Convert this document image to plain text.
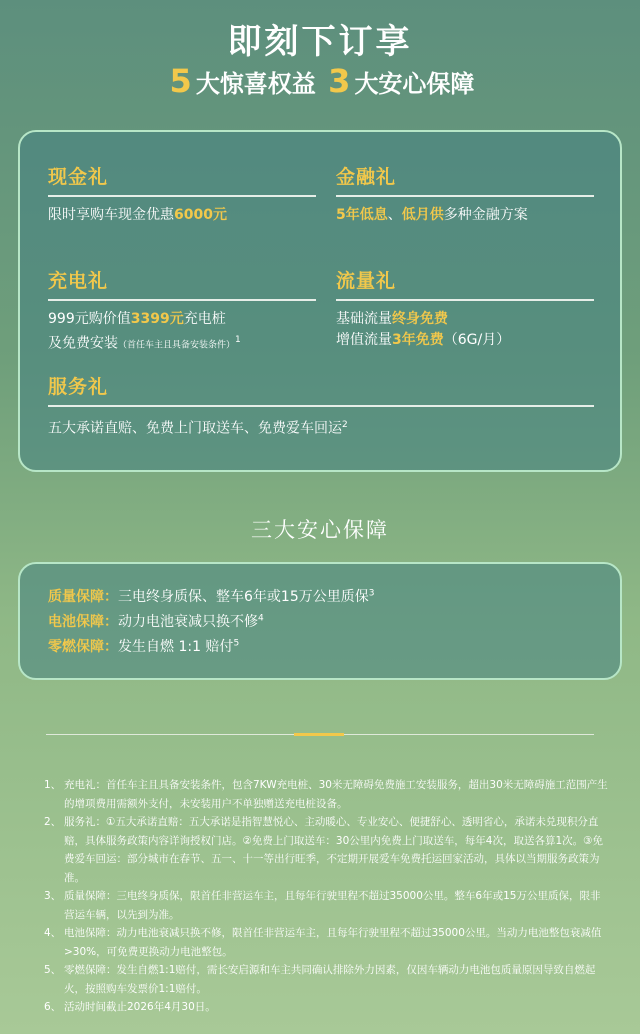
即刻下订享
5 大惊喜权益 3 大安心保障
现金礼
限时享购车现金优惠6000元
金融礼
5年低息、低月供多种金融方案
充电礼
999元购价值3399元充电桩
及免费安装（首任车主且具备安装条件）$^1$
流量礼
基础流量终身免费
增值流量3年免费（6G/月）
服务礼
五大承诺直赔、免费上门取送车、免费爱车回运$^2$
三大安心保障
质量保障：三电终身质保、整车6年或15万公里质保$^3$
电池保障：动力电池衰减只换不修$^4$
零燃保障：发生自燃 1:1 赔付$^5$
1、 充电礼：首任车主且具备安装条件，包含7KW充电桩、30米无障碍免费施工安装服务，超出30米无障碍施工范围产生的增项费用需额外支付，未安装用户不单独赠送充电桩设备。
2、 服务礼：①五大承诺直赔：五大承诺是指智慧悦心、主动暖心、专业安心、便捷舒心、透明省心，承诺未兑现积分直赔，具体服务政策内容详询授权门店。②免费上门取送车：30公里内免费上门取送车，每年4次，取送各算1次。③免费爱车回运：部分城市在春节、五一、十一等出行旺季，不定期开展爱车免费托运回家活动，具体以当期服务政策为准。
3、 质量保障：三电终身质保，限首任非营运车主，且每年行驶里程不超过35000公里。整车6年或15万公里质保，限非营运车辆，以先到为准。
4、 电池保障：动力电池衰减只换不修，限首任非营运车主，且每年行驶里程不超过35000公里。当动力电池整包衰减值>30%，可免费更换动力电池整包。
5、 零燃保障：发生自燃1:1赔付，需长安启源和车主共同确认排除外力因素，仅因车辆动力电池包质量原因导致自燃起火，按照购车发票价1:1赔付。
6、 活动时间截止2026年4月30日。
